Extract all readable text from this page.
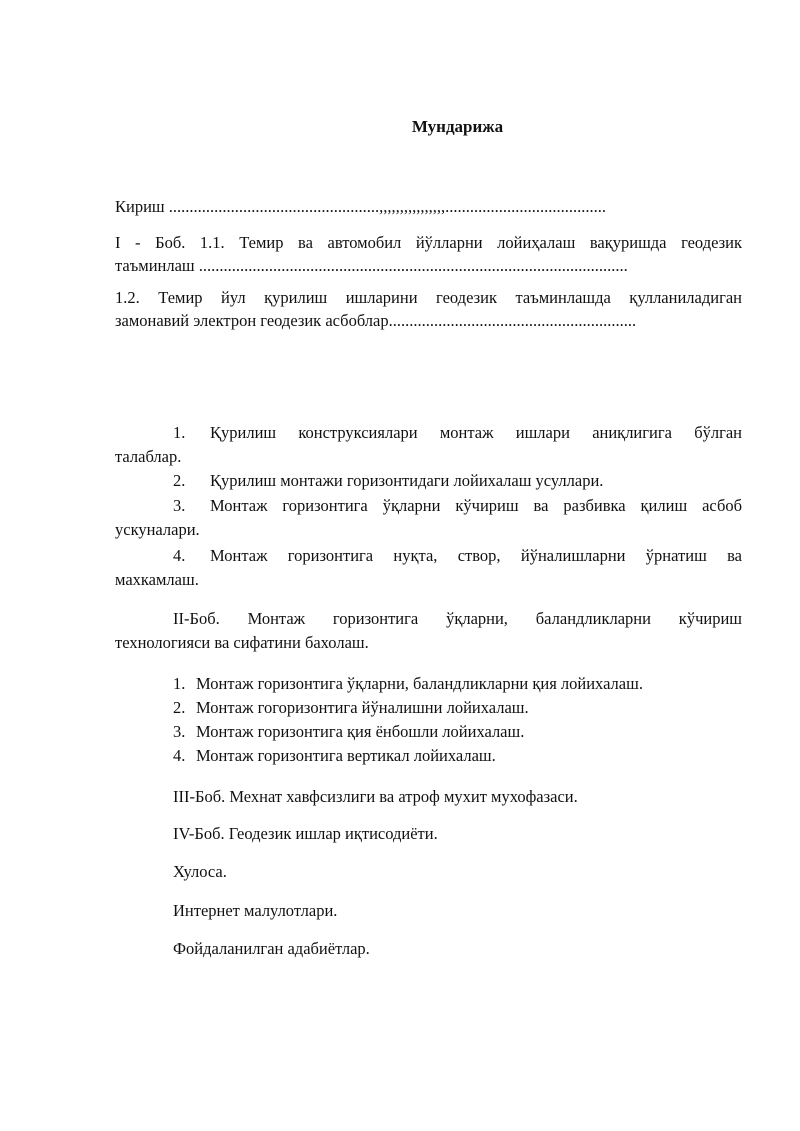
Мундарижа
Кириш ...................................................,,,,,,,,,,,,,,,,.......................................
I - Боб. 1.1. Темир ва автомобил йўлларни лойиҳалаш вақуришда геодезик
таъминлаш ........................................................................................................
1.2. Темир йул қурилиш ишларини геодезик таъминлашда қулланиладиган
замонавий электрон геодезик асбоблар............................................................
1. Қурилиш конструксиялари монтаж ишлари аниқлигига бўлган
талаблар.
2. Қурилиш монтажи горизонтидаги лойихалаш усуллари.
3. Монтаж горизонтига ўқларни кўчириш ва разбивка қилиш асбоб
ускуналари.
4. Монтаж горизонтига нуқта, створ, йўналишларни ўрнатиш ва
махкамлаш.
II-Боб. Монтаж горизонтига ўқларни, баландликларни кўчириш
технологияси ва сифатини бахолаш.
1. Монтаж горизонтига ўқларни, баландликларни қия лойихалаш.
2. Монтаж гогоризонтига йўналишни лойихалаш.
3. Монтаж горизонтига қия ёнбошли лойихалаш.
4. Монтаж горизонтига вертикал лойихалаш.
III-Боб. Мехнат хавфсизлиги ва атроф мухит мухофазаси.
IV-Боб. Геодезик ишлар иқтисодиёти.
Хулоса.
Интернет малулотлари.
Фойдаланилган адабиётлар.
